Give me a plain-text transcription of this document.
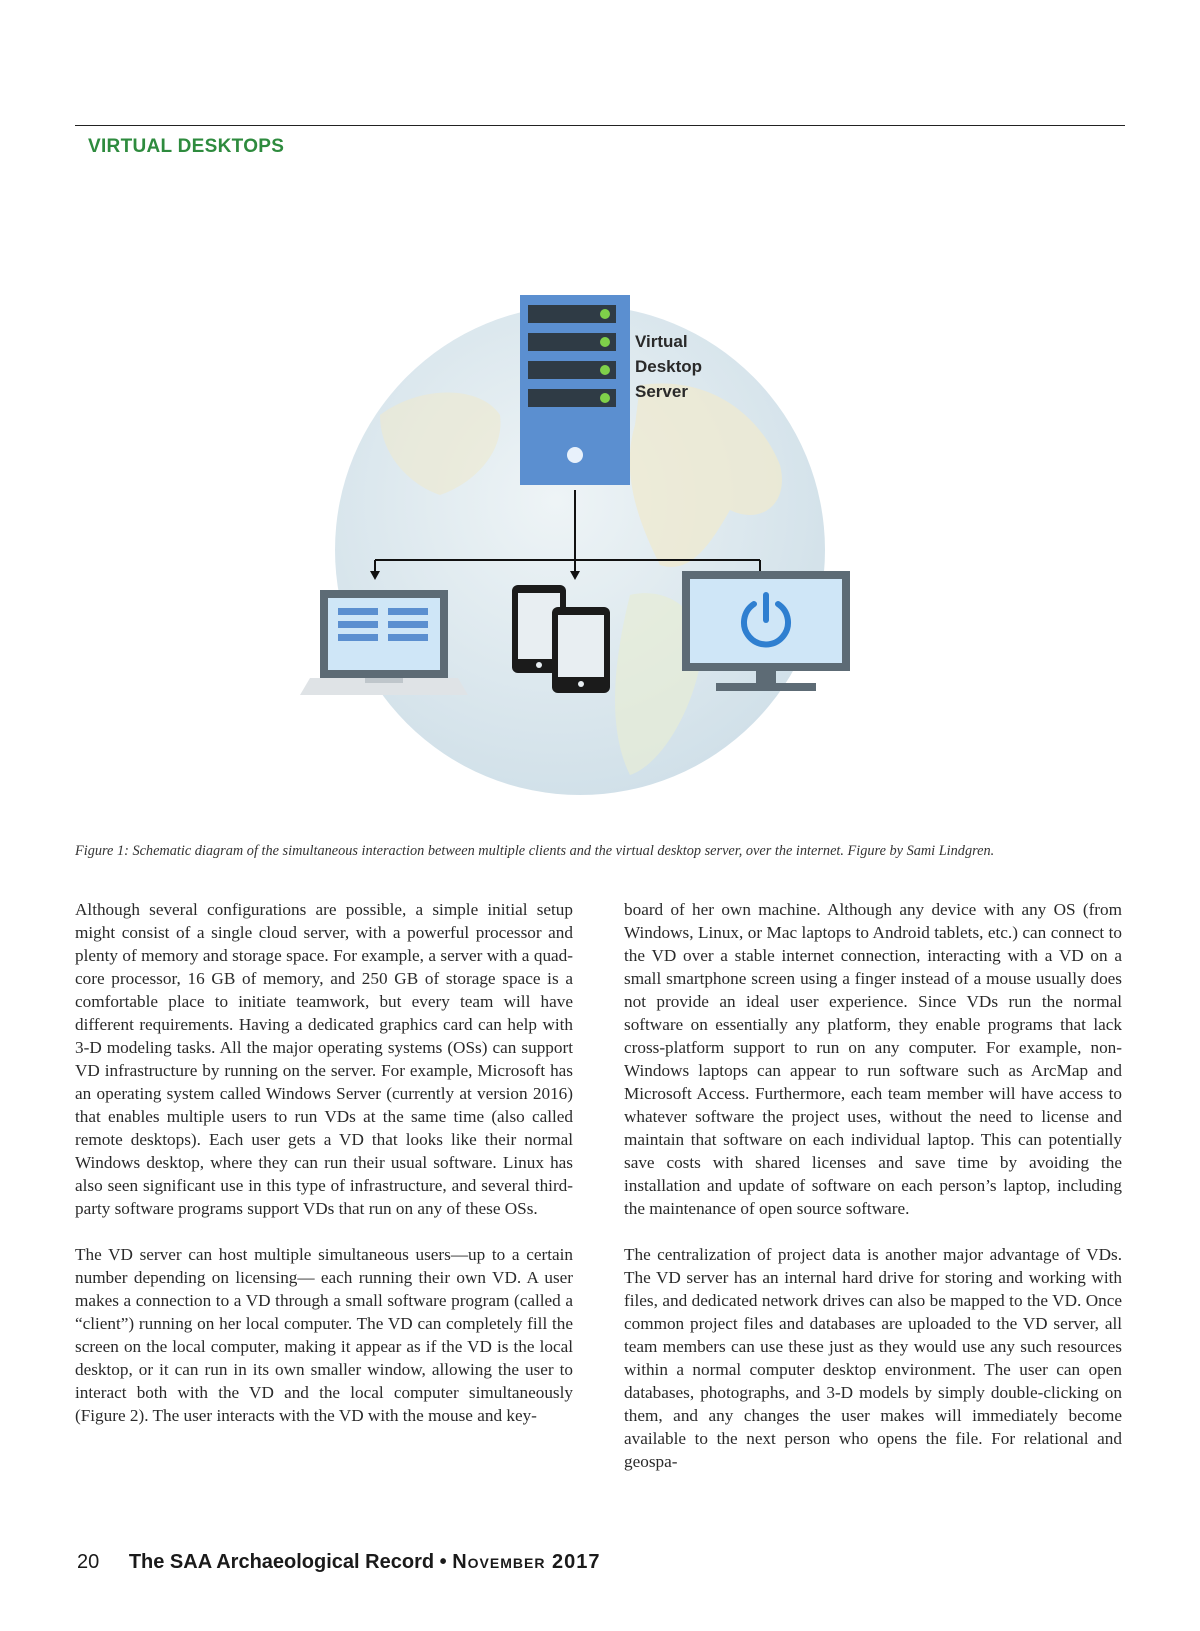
VIRTUAL DESKTOPS
Virtual
Desktop
Server

Figure 1: Schematic diagram of the simultaneous interaction between multiple clients and the virtual desktop server, over the internet. Figure by Sami Lindgren.

Although several configurations are possible, a simple initial setup might consist of a single cloud server, with a powerful processor and plenty of memory and storage space. For example, a server with a quad-core processor, 16 GB of memory, and 250 GB of storage space is a comfortable place to initiate teamwork, but every team will have different requirements. Having a dedicated graphics card can help with 3-D modeling tasks. All the major operating systems (OSs) can support VD infrastructure by running on the server. For example, Microsoft has an operating system called Windows Server (currently at version 2016) that enables multiple users to run VDs at the same time (also called remote desktops). Each user gets a VD that looks like their normal Windows desktop, where they can run their usual software. Linux has also seen significant use in this type of infrastructure, and several third-party software programs support VDs that run on any of these OSs.

The VD server can host multiple simultaneous users—up to a certain number depending on licensing— each running their own VD. A user makes a connection to a VD through a small software program (called a “client”) running on her local computer. The VD can completely fill the screen on the local computer, making it appear as if the VD is the local desktop, or it can run in its own smaller window, allowing the user to interact both with the VD and the local computer simultaneously (Figure 2). The user interacts with the VD with the mouse and key-

board of her own machine. Although any device with any OS (from Windows, Linux, or Mac laptops to Android tablets, etc.) can connect to the VD over a stable internet connection, interacting with a VD on a small smartphone screen using a finger instead of a mouse usually does not provide an ideal user experience. Since VDs run the normal software on essentially any platform, they enable programs that lack cross-platform support to run on any computer. For example, non-Windows laptops can appear to run software such as ArcMap and Microsoft Access. Furthermore, each team member will have access to whatever software the project uses, without the need to license and maintain that software on each individual laptop. This can potentially save costs with shared licenses and save time by avoiding the installation and update of software on each person’s laptop, including the maintenance of open source software.

The centralization of project data is another major advantage of VDs. The VD server has an internal hard drive for storing and working with files, and dedicated network drives can also be mapped to the VD. Once common project files and databases are uploaded to the VD server, all team members can use these just as they would use any such resources within a normal computer desktop environment. The user can open databases, photographs, and 3-D models by simply double-clicking on them, and any changes the user makes will immediately become available to the next person who opens the file. For relational and geospa-

20 The SAA Archaeological Record • November 2017
